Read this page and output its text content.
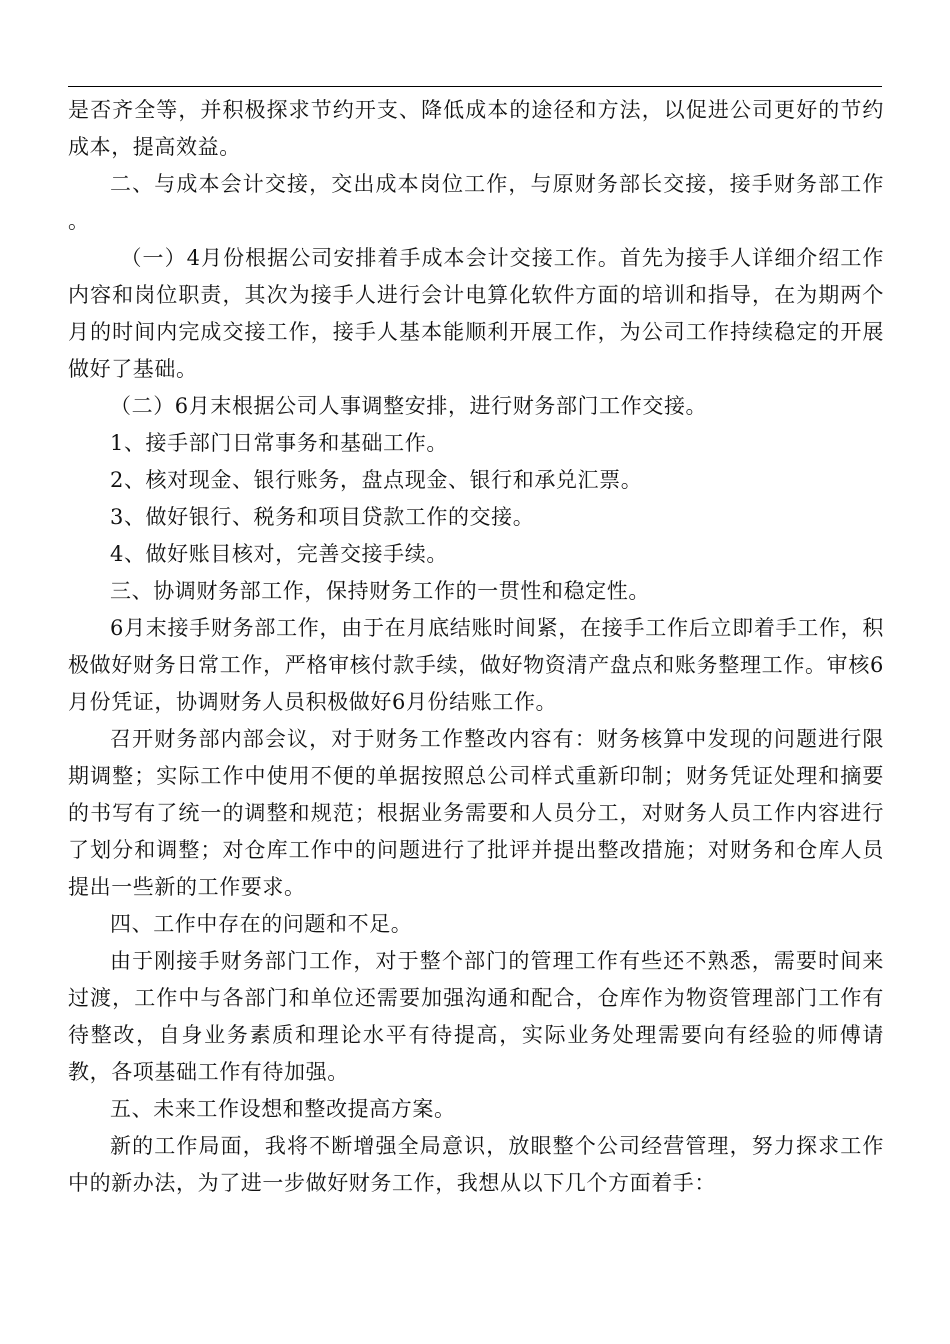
是否齐全等，并积极探求节约开支、降低成本的途径和方法，以促进公司更好的节约成本，提高效益。

二、与成本会计交接，交出成本岗位工作，与原财务部长交接，接手财务部工作 。

（一）4月份根据公司安排着手成本会计交接工作。首先为接手人详细介绍工作内容和岗位职责，其次为接手人进行会计电算化软件方面的培训和指导，在为期两个月的时间内完成交接工作，接手人基本能顺利开展工作，为公司工作持续稳定的开展做好了基础。

（二）6月末根据公司人事调整安排，进行财务部门工作交接。

1、接手部门日常事务和基础工作。

2、核对现金、银行账务，盘点现金、银行和承兑汇票。

3、做好银行、税务和项目贷款工作的交接。

4、做好账目核对，完善交接手续。

三、协调财务部工作，保持财务工作的一贯性和稳定性。

6月末接手财务部工作，由于在月底结账时间紧，在接手工作后立即着手工作，积极做好财务日常工作，严格审核付款手续，做好物资清产盘点和账务整理工作。审核6月份凭证，协调财务人员积极做好6月份结账工作。

召开财务部内部会议，对于财务工作整改内容有：财务核算中发现的问题进行限期调整；实际工作中使用不便的单据按照总公司样式重新印制；财务凭证处理和摘要的书写有了统一的调整和规范；根据业务需要和人员分工，对财务人员工作内容进行了划分和调整；对仓库工作中的问题进行了批评并提出整改措施；对财务和仓库人员提出一些新的工作要求。

四、工作中存在的问题和不足。

由于刚接手财务部门工作，对于整个部门的管理工作有些还不熟悉，需要时间来过渡，工作中与各部门和单位还需要加强沟通和配合，仓库作为物资管理部门工作有待整改，自身业务素质和理论水平有待提高，实际业务处理需要向有经验的师傅请教，各项基础工作有待加强。

五、未来工作设想和整改提高方案。

新的工作局面，我将不断增强全局意识，放眼整个公司经营管理，努力探求工作中的新办法，为了进一步做好财务工作，我想从以下几个方面着手：
